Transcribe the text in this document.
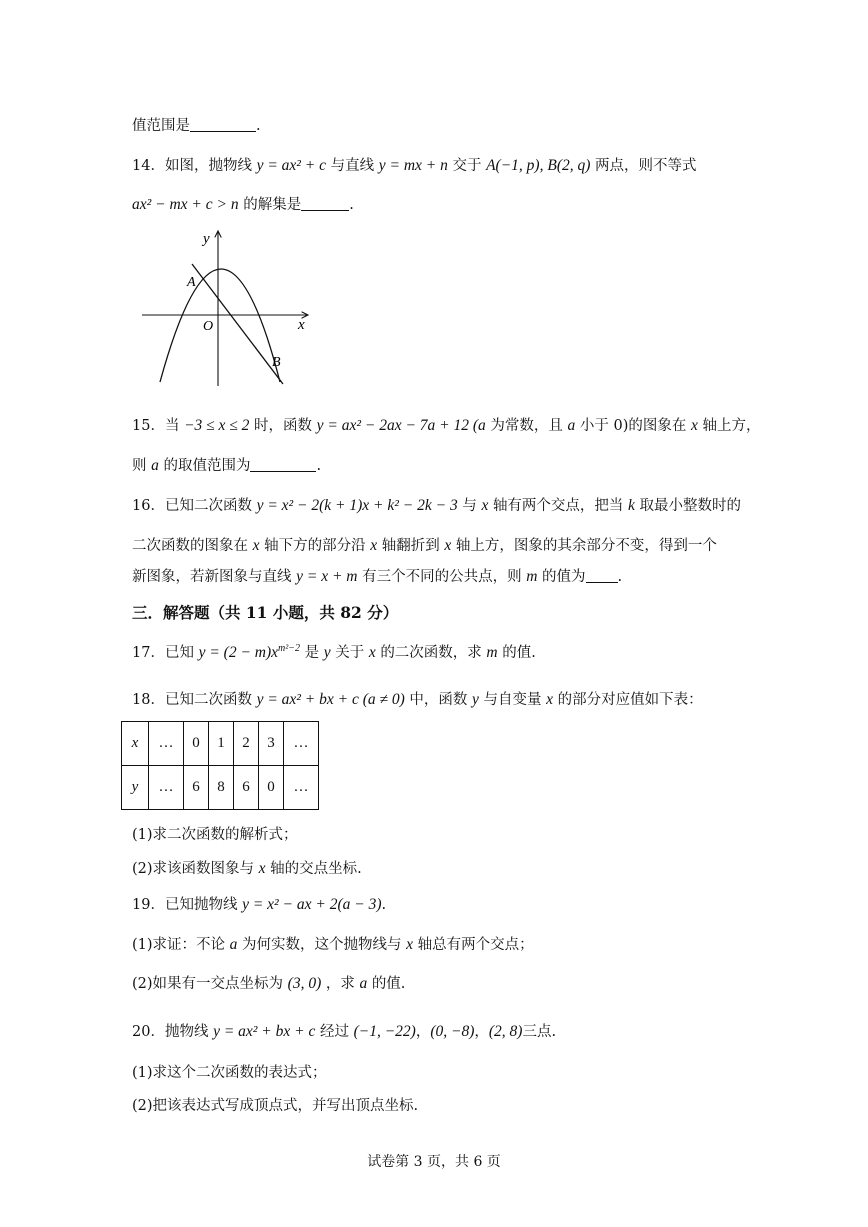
值范围是	.
14．如图，抛物线 y = ax² + c 与直线 y = mx + n 交于 A(−1, p), B(2, q) 两点，则不等式
ax² − mx + c > n 的解集是	.
y
x
O
A
B
15．当 −3 ≤ x ≤ 2 时，函数 y = ax² − 2ax − 7a + 12 (a 为常数，且 a 小于 0)的图象在 x 轴上方，
则 a 的取值范围为	.
16．已知二次函数 y = x² − 2(k + 1)x + k² − 2k − 3 与 x 轴有两个交点，把当 k 取最小整数时的
二次函数的图象在 x 轴下方的部分沿 x 轴翻折到 x 轴上方，图象的其余部分不变，得到一个
新图象，若新图象与直线 y = x + m 有三个不同的公共点，则 m 的值为 .
三．解答题（共 11 小题，共 82 分）
17．已知 $y = (2 - m)x^{m^2-2}$ 是 y 关于 x 的二次函数，求 m 的值.
18．已知二次函数 y = ax² + bx + c (a ≠ 0) 中，函数 y 与自变量 x 的部分对应值如下表：
x	…	0	1	2	3	…
y	…	6	8	6	0	…
(1)求二次函数的解析式；
(2)求该函数图象与 x 轴的交点坐标.
19．已知抛物线 y = x² − ax + 2(a − 3).
(1)求证：不论 a 为何实数，这个抛物线与 x 轴总有两个交点；
(2)如果有一交点坐标为 (3, 0) ，求 a 的值.
20．抛物线 y = ax² + bx + c 经过 (−1, −22)，(0, −8)，(2, 8)三点.
(1)求这个二次函数的表达式；
(2)把该表达式写成顶点式，并写出顶点坐标.
试卷第 3 页，共 6 页
